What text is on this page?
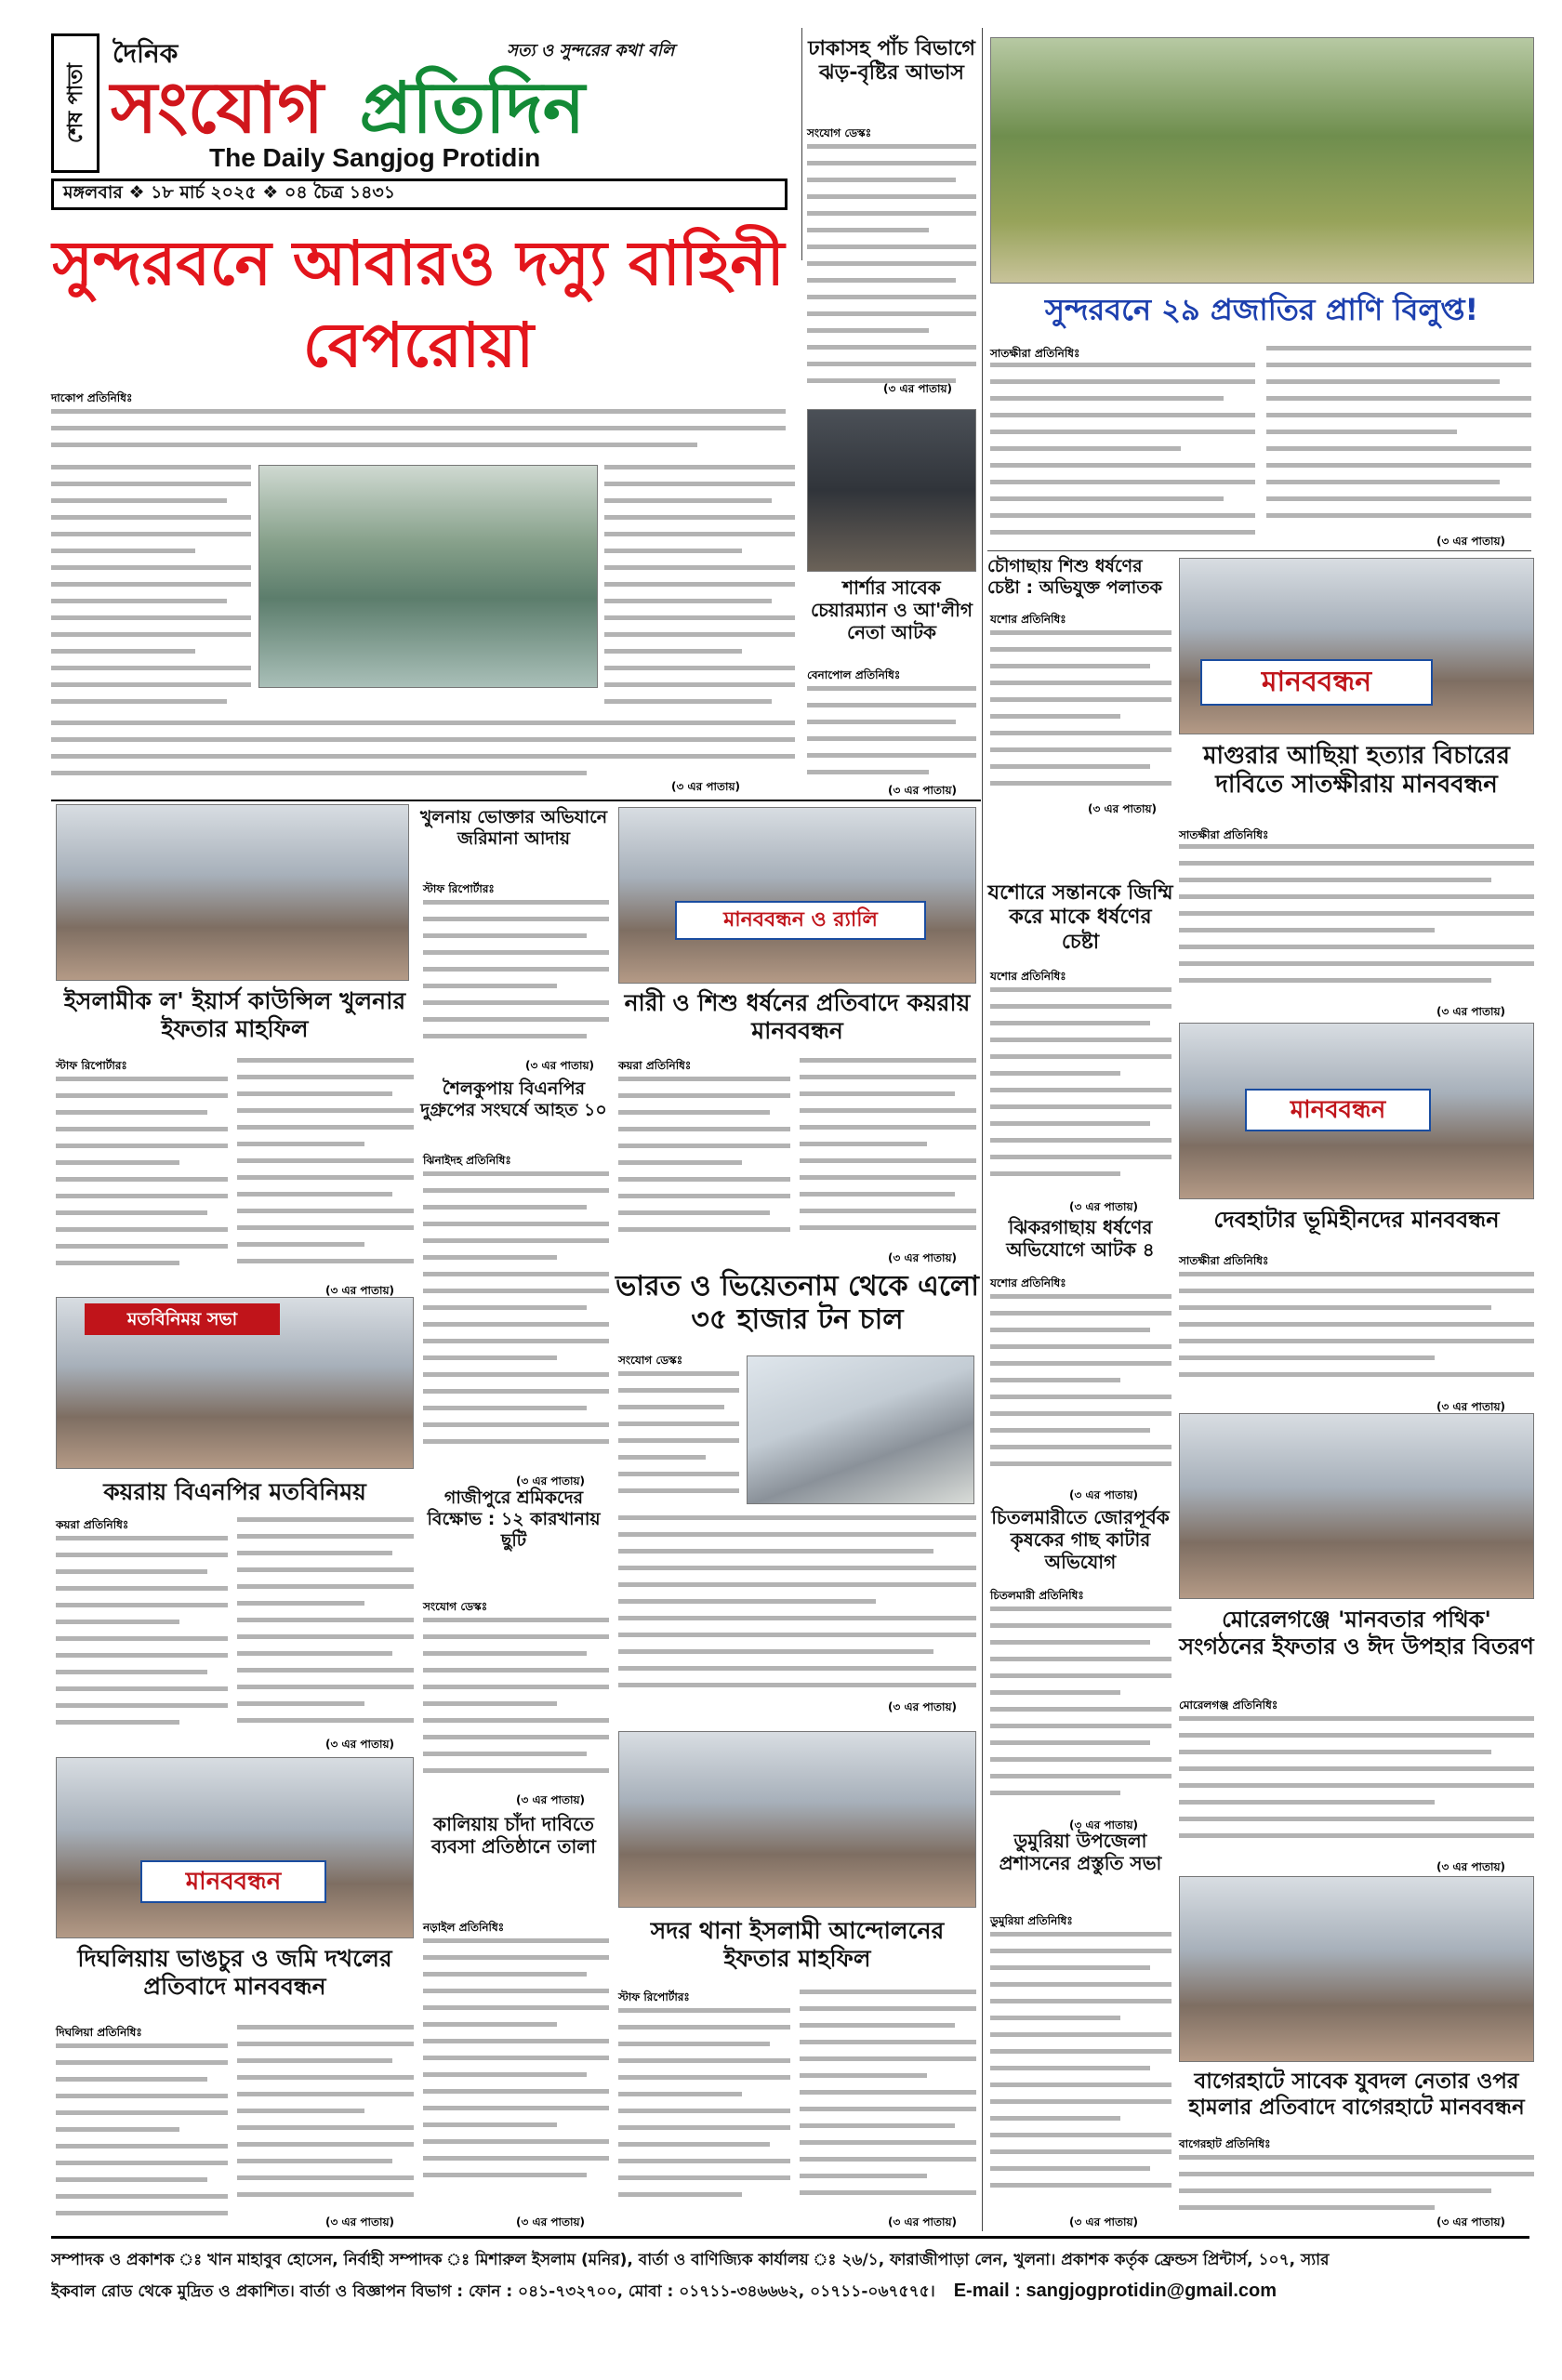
শেষ পাতা
দৈনিক	সত্য ও সুন্দরের কথা বলি
সংযোগ প্রতিদিন
The Daily Sangjog Protidin
মঙ্গলবার ❖ ১৮ মার্চ ২০২৫ ❖ ০৪ চৈত্র ১৪৩১
সুন্দরবনে আবারও দস্যু বাহিনী বেপরোয়া
দাকোপ প্রতিনিধিঃ
(৩ এর পাতায়)
ঢাকাসহ পাঁচ বিভাগে ঝড়-বৃষ্টির আভাস
সংযোগ ডেস্কঃ
(৩ এর পাতায়)
সুন্দরবনে ২৯ প্রজাতির প্রাণি বিলুপ্ত!
সাতক্ষীরা প্রতিনিধিঃ
(৩ এর পাতায়)
শার্শার সাবেক চেয়ারম্যান ও আ'লীগ নেতা আটক
বেনাপোল প্রতিনিধিঃ
(৩ এর পাতায়)
চৌগাছায় শিশু ধর্ষণের চেষ্টা : অভিযুক্ত পলাতক
যশোর প্রতিনিধিঃ
(৩ এর পাতায়)
মানববন্ধন
মাগুরার আছিয়া হত্যার বিচারের দাবিতে সাতক্ষীরায় মানববন্ধন
সাতক্ষীরা প্রতিনিধিঃ
(৩ এর পাতায়)
খুলনায় ভোক্তার অভিযানে জরিমানা আদায়
স্টাফ রিপোর্টারঃ
(৩ এর পাতায়)
ইসলামীক ল' ইয়ার্স কাউন্সিল খুলনার ইফতার মাহফিল
স্টাফ রিপোর্টারঃ
(৩ এর পাতায়)
মানববন্ধন ও র‍্যালি
নারী ও শিশু ধর্ষনের প্রতিবাদে কয়রায় মানববন্ধন
কয়রা প্রতিনিধিঃ
(৩ এর পাতায়)
যশোরে সন্তানকে জিম্মি করে মাকে ধর্ষণের চেষ্টা
যশোর প্রতিনিধিঃ
(৩ এর পাতায়)
মানববন্ধন
শৈলকুপায় বিএনপির দুগ্রুপের সংঘর্ষে আহত ১০
ঝিনাইদহ প্রতিনিধিঃ
(৩ এর পাতায়)
ভারত ও ভিয়েতনাম থেকে এলো ৩৫ হাজার টন চাল
সংযোগ ডেস্কঃ
(৩ এর পাতায়)
ঝিকরগাছায় ধর্ষণের অভিযোগে আটক ৪
যশোর প্রতিনিধিঃ
(৩ এর পাতায়)
দেবহাটার ভূমিহীনদের মানববন্ধন
সাতক্ষীরা প্রতিনিধিঃ
(৩ এর পাতায়)
মতবিনিময় সভা
কয়রায় বিএনপির মতবিনিময়
কয়রা প্রতিনিধিঃ
(৩ এর পাতায়)
গাজীপুরে শ্রমিকদের বিক্ষোভ : ১২ কারখানায় ছুটি
সংযোগ ডেস্কঃ
(৩ এর পাতায়)
চিতলমারীতে জোরপূর্বক কৃষকের গাছ কাটার অভিযোগ
চিতলমারী প্রতিনিধিঃ
(৩ এর পাতায়)
মোরেলগঞ্জে 'মানবতার পথিক' সংগঠনের ইফতার ও ঈদ উপহার বিতরণ
মোরেলগঞ্জ প্রতিনিধিঃ
(৩ এর পাতায়)
মানববন্ধন
দিঘলিয়ায় ভাঙচুর ও জমি দখলের প্রতিবাদে মানববন্ধন
দিঘলিয়া প্রতিনিধিঃ
(৩ এর পাতায়)
কালিয়ায় চাঁদা দাবিতে ব্যবসা প্রতিষ্ঠানে তালা
নড়াইল প্রতিনিধিঃ
(৩ এর পাতায়)
সদর থানা ইসলামী আন্দোলনের ইফতার মাহফিল
স্টাফ রিপোর্টারঃ
(৩ এর পাতায়)
ডুমুরিয়া উপজেলা প্রশাসনের প্রস্তুতি সভা
ডুমুরিয়া প্রতিনিধিঃ
(৩ এর পাতায়)
বাগেরহাটে সাবেক যুবদল নেতার ওপর হামলার প্রতিবাদে বাগেরহাটে মানববন্ধন
বাগেরহাট প্রতিনিধিঃ
(৩ এর পাতায়)
সম্পাদক ও প্রকাশক ঃ খান মাহাবুব হোসেন, নির্বাহী সম্পাদক ঃ মিশারুল ইসলাম (মনির), বার্তা ও বাণিজ্যিক কার্যালয় ঃ ২৬/১, ফারাজীপাড়া লেন, খুলনা। প্রকাশক কর্তৃক ফ্রেন্ডস প্রিন্টার্স, ১০৭, স্যার
ইকবাল রোড থেকে মুদ্রিত ও প্রকাশিত। বার্তা ও বিজ্ঞাপন বিভাগ : ফোন : ০৪১-৭৩২৭০০, মোবা : ০১৭১১-৩৪৬৬৬২, ০১৭১১-০৬৭৫৭৫। E-mail : sangjogprotidin@gmail.com
